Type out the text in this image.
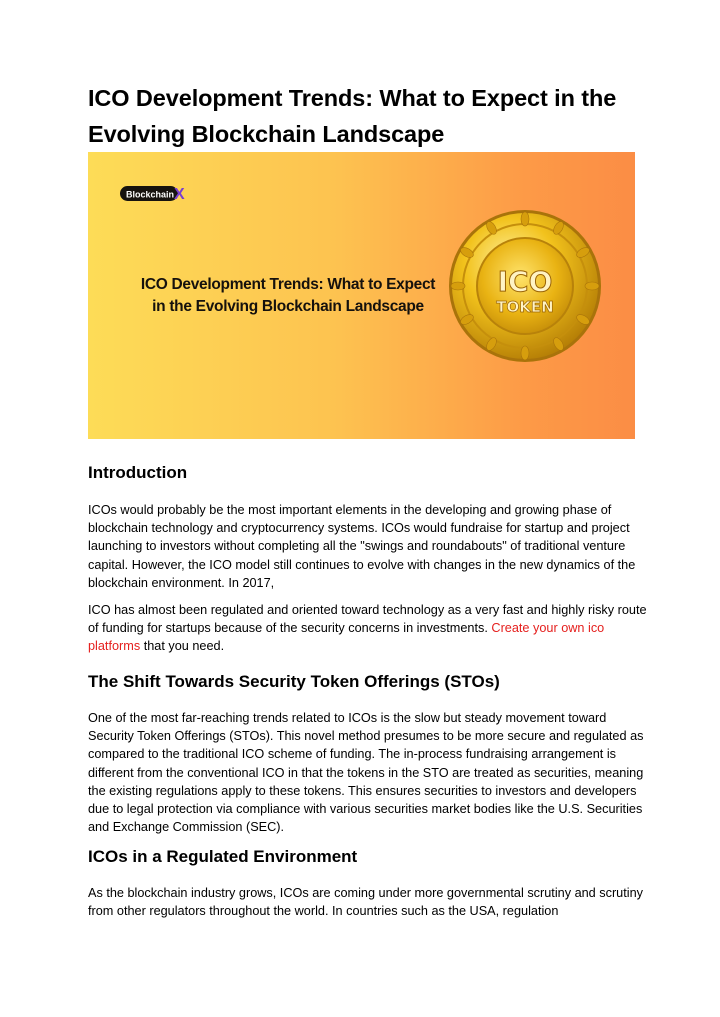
ICO Development Trends: What to Expect in the Evolving Blockchain Landscape
Blockchain X
ICO Development Trends: What to Expect
in the Evolving Blockchain Landscape
ICO
TOKEN
Introduction

ICOs would probably be the most important elements in the developing and growing phase of blockchain technology and cryptocurrency systems. ICOs would fundraise for startup and project launching to investors without completing all the "swings and roundabouts" of traditional venture capital. However, the ICO model still continues to evolve with changes in the new dynamics of the blockchain environment. In 2017,

ICO has almost been regulated and oriented toward technology as a very fast and highly risky route of funding for startups because of the security concerns in investments. Create your own ico platforms that you need.

The Shift Towards Security Token Offerings (STOs)

One of the most far-reaching trends related to ICOs is the slow but steady movement toward Security Token Offerings (STOs). This novel method presumes to be more secure and regulated as compared to the traditional ICO scheme of funding. The in-process fundraising arrangement is different from the conventional ICO in that the tokens in the STO are treated as securities, meaning the existing regulations apply to these tokens. This ensures securities to investors and developers due to legal protection via compliance with various securities market bodies like the U.S. Securities and Exchange Commission (SEC).

ICOs in a Regulated Environment

As the blockchain industry grows, ICOs are coming under more governmental scrutiny and scrutiny from other regulators throughout the world. In countries such as the USA, regulation
